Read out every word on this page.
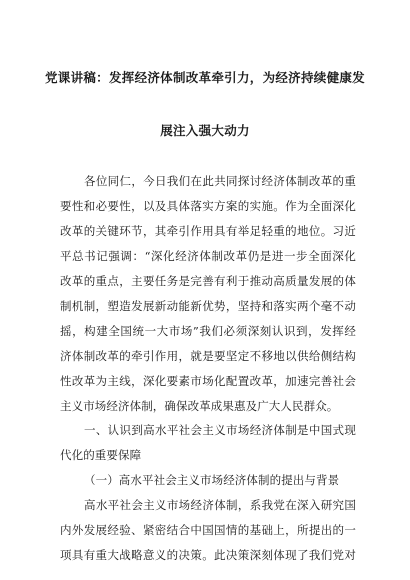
党课讲稿：发挥经济体制改革牵引力，为经济持续健康发
展注入强大动力
各位同仁，今日我们在此共同探讨经济体制改革的重
要性和必要性，以及具体落实方案的实施。作为全面深化
改革的关键环节，其牵引作用具有举足轻重的地位。习近
平总书记强调：“深化经济体制改革仍是进一步全面深化
改革的重点，主要任务是完善有利于推动高质量发展的体
制机制，塑造发展新动能新优势，坚持和落实两个毫不动
摇，构建全国统一大市场”我们必须深刻认识到，发挥经
济体制改革的牵引作用，就是要坚定不移地以供给侧结构
性改革为主线，深化要素市场化配置改革，加速完善社会
主义市场经济体制，确保改革成果惠及广大人民群众。
一、认识到高水平社会主义市场经济体制是中国式现
代化的重要保障
（一）高水平社会主义市场经济体制的提出与背景
高水平社会主义市场经济体制，系我党在深入研究国
内外发展经验、紧密结合中国国情的基础上，所提出的一
项具有重大战略意义的决策。此决策深刻体现了我们党对
